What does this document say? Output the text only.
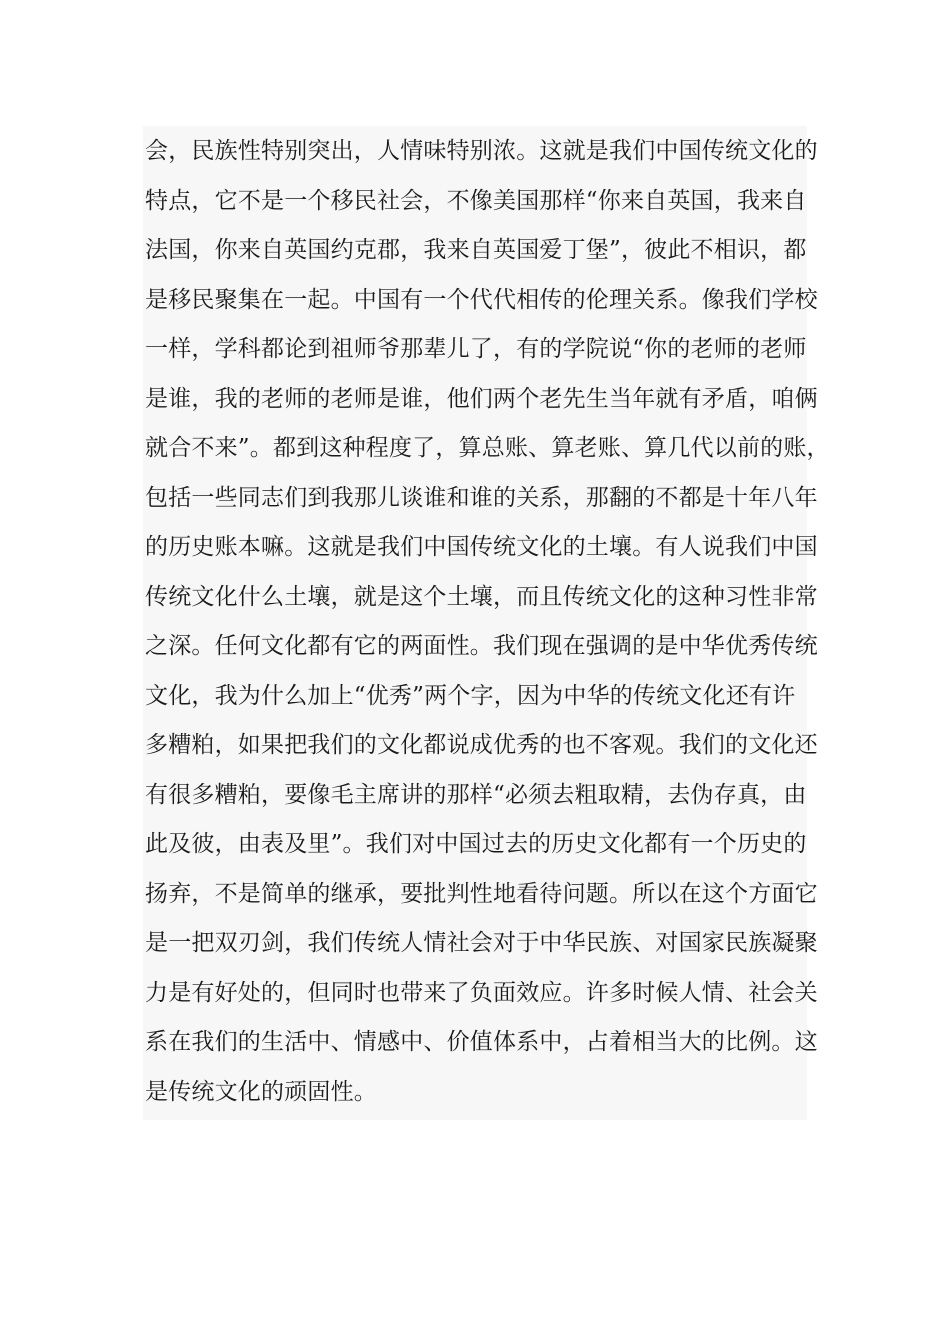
会，民族性特别突出，人情味特别浓。这就是我们中国传统文化的
特点，它不是一个移民社会，不像美国那样“你来自英国，我来自
法国，你来自英国约克郡，我来自英国爱丁堡”，彼此不相识，都
是移民聚集在一起。中国有一个代代相传的伦理关系。像我们学校
一样，学科都论到祖师爷那辈儿了，有的学院说“你的老师的老师
是谁，我的老师的老师是谁，他们两个老先生当年就有矛盾，咱俩
就合不来”。都到这种程度了，算总账、算老账、算几代以前的账，
包括一些同志们到我那儿谈谁和谁的关系，那翻的不都是十年八年
的历史账本嘛。这就是我们中国传统文化的土壤。有人说我们中国
传统文化什么土壤，就是这个土壤，而且传统文化的这种习性非常
之深。任何文化都有它的两面性。我们现在强调的是中华优秀传统
文化，我为什么加上“优秀”两个字，因为中华的传统文化还有许
多糟粕，如果把我们的文化都说成优秀的也不客观。我们的文化还
有很多糟粕，要像毛主席讲的那样“必须去粗取精，去伪存真，由
此及彼，由表及里”。我们对中国过去的历史文化都有一个历史的
扬弃，不是简单的继承，要批判性地看待问题。所以在这个方面它
是一把双刃剑，我们传统人情社会对于中华民族、对国家民族凝聚
力是有好处的，但同时也带来了负面效应。许多时候人情、社会关
系在我们的生活中、情感中、价值体系中，占着相当大的比例。这
是传统文化的顽固性。
